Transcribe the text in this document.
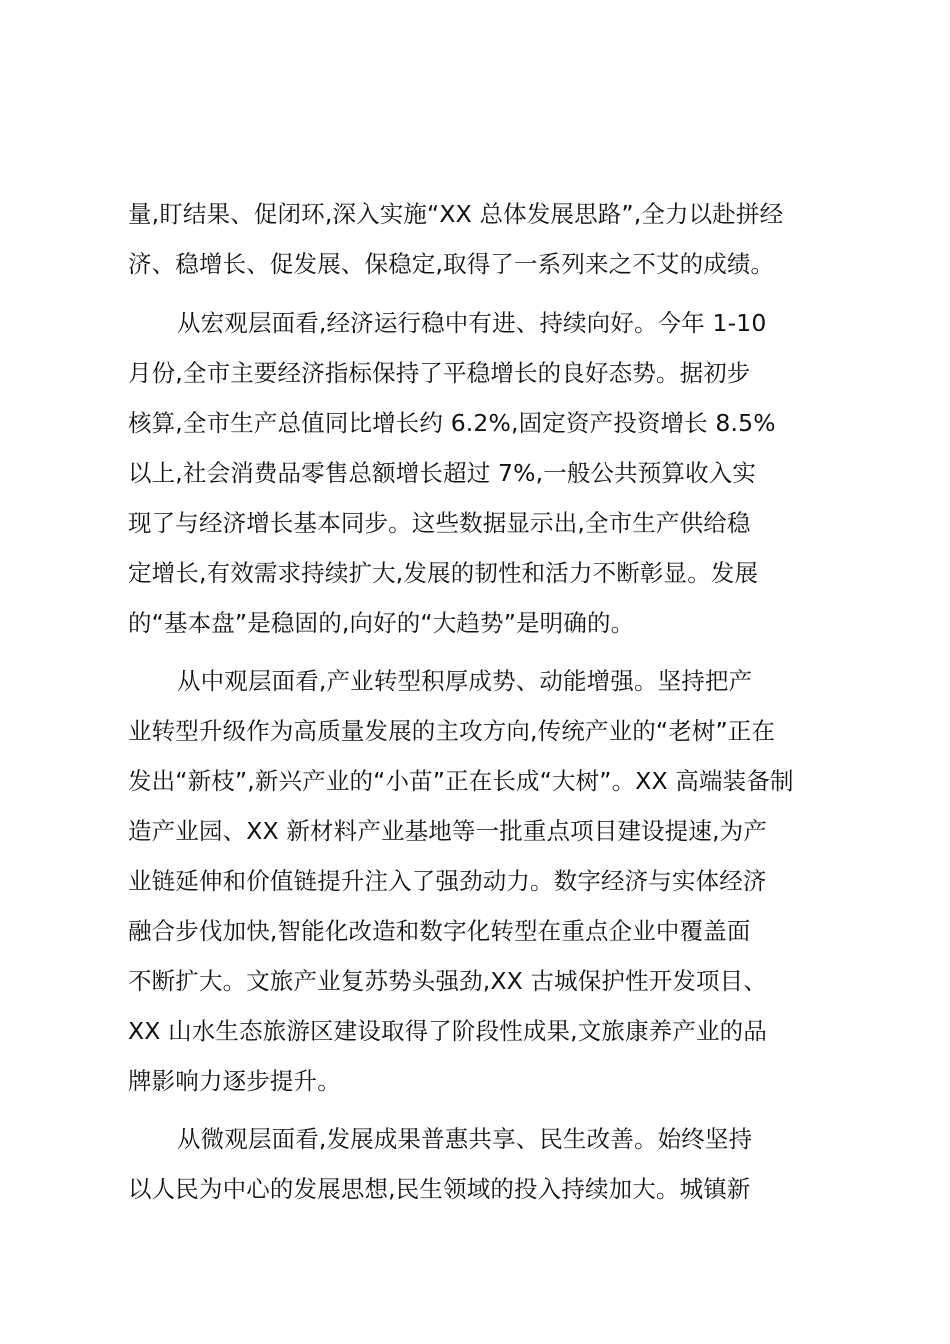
量,盯结果、促闭环,深入实施“XX 总体发展思路”,全力以赴拼经
济、稳增长、促发展、保稳定,取得了一系列来之不艾的成绩。
从宏观层面看,经济运行稳中有进、持续向好。今年 1-10
月份,全市主要经济指标保持了平稳增长的良好态势。据初步
核算,全市生产总值同比增长约 6.2%,固定资产投资增长 8.5%
以上,社会消费品零售总额增长超过 7%,一般公共预算收入实
现了与经济增长基本同步。这些数据显示出,全市生产供给稳
定增长,有效需求持续扩大,发展的韧性和活力不断彰显。发展
的“基本盘”是稳固的,向好的“大趋势”是明确的。
从中观层面看,产业转型积厚成势、动能增强。坚持把产
业转型升级作为高质量发展的主攻方向,传统产业的“老树”正在
发出“新枝”,新兴产业的“小苗”正在长成“大树”。XX 高端装备制
造产业园、XX 新材料产业基地等一批重点项目建设提速,为产
业链延伸和价值链提升注入了强劲动力。数字经济与实体经济
融合步伐加快,智能化改造和数字化转型在重点企业中覆盖面
不断扩大。文旅产业复苏势头强劲,XX 古城保护性开发项目、
XX 山水生态旅游区建设取得了阶段性成果,文旅康养产业的品
牌影响力逐步提升。
从微观层面看,发展成果普惠共享、民生改善。始终坚持
以人民为中心的发展思想,民生领域的投入持续加大。城镇新
